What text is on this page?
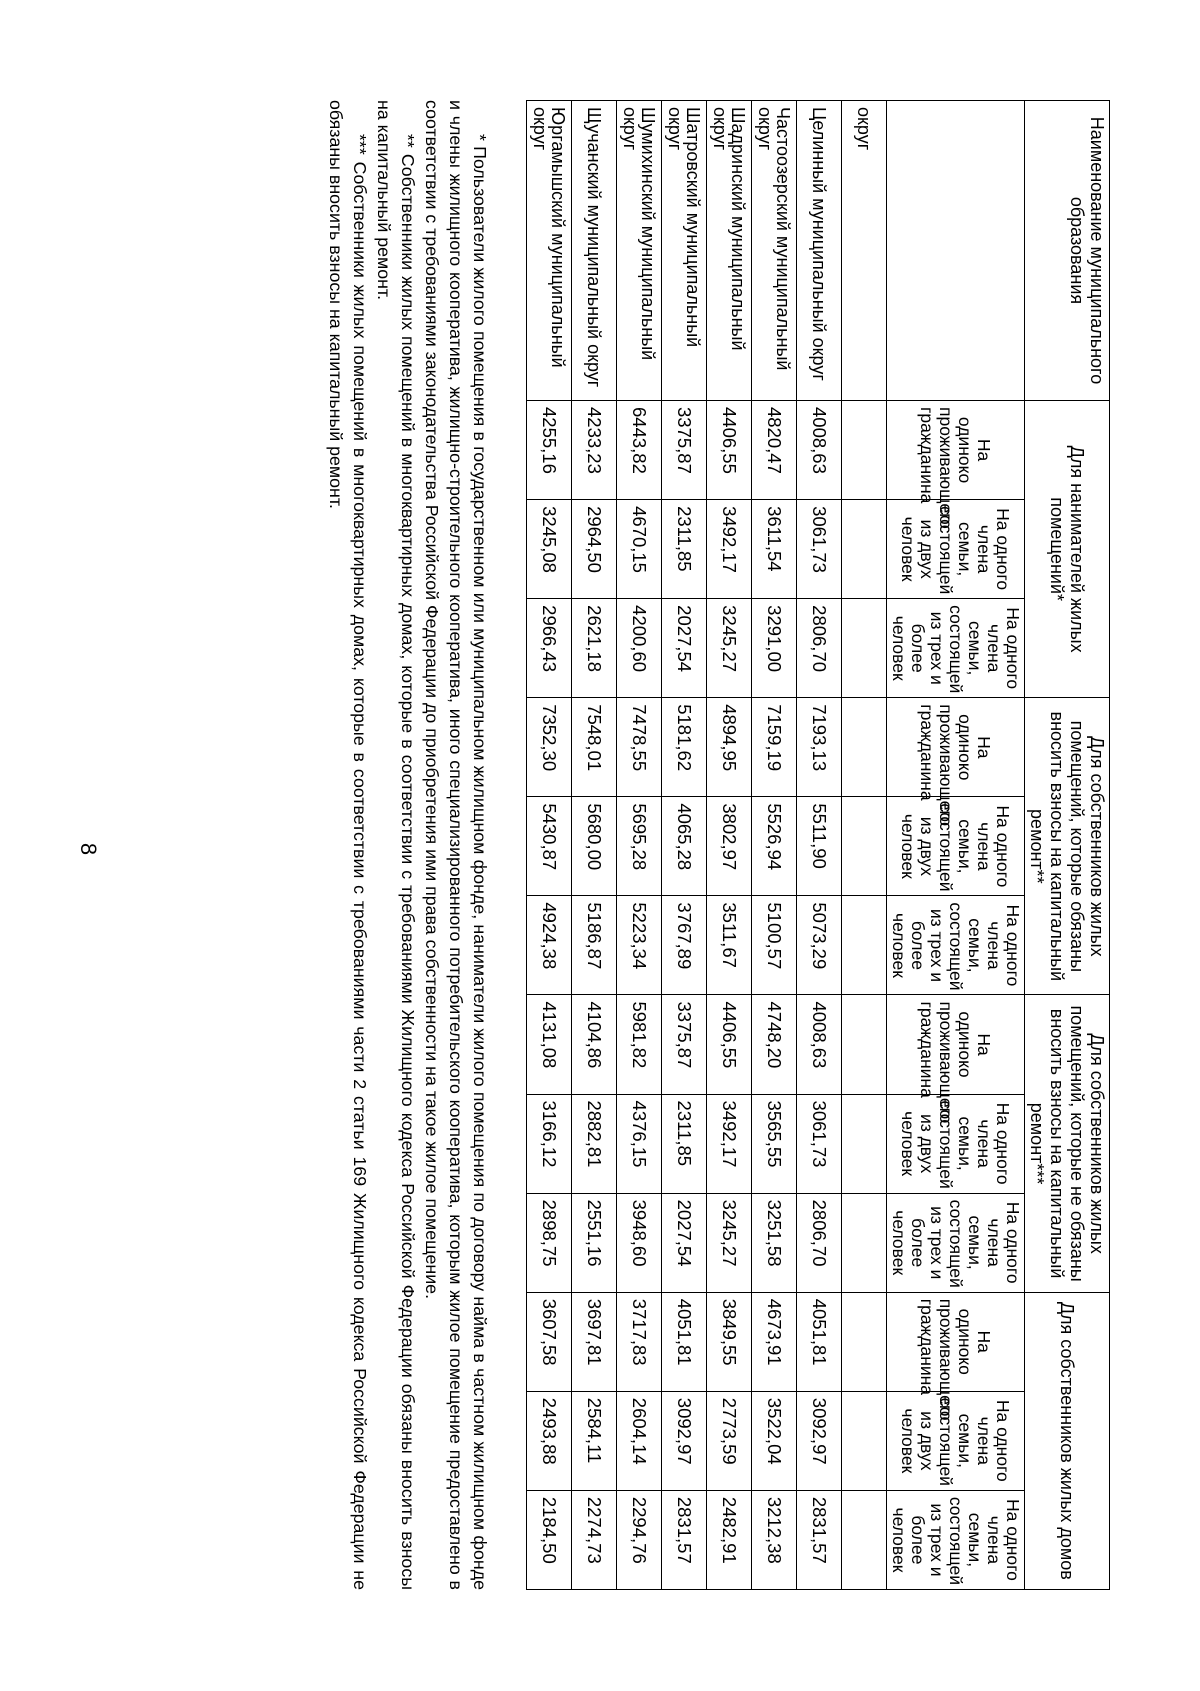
8
Наименование муниципального образования	Для нанимателей жилых помещений*			Для собственников жилых помещений, которые обязаны вносить взносы на капитальный ремонт**			Для собственников жилых помещений, которые не обязаны вносить взносы на капитальный ремонт***			Для собственников жилых домов		
	На одиноко проживающего гражданина	На одного члена семьи, состоящей из двух человек	На одного члена семьи, состоящей из трех и более человек	На одиноко проживающего гражданина	На одного члена семьи, состоящей из двух человек	На одного члена семьи, состоящей из трех и более человек	На одиноко проживающего гражданина	На одного члена семьи, состоящей из двух человек	На одного члена семьи, состоящей из трех и более человек	На одиноко проживающего гражданина	На одного члена семьи, состоящей из двух человек	На одного члена семьи, состоящей из трех и более человек
округ												
Целинный муниципальный округ	4008,63	3061,73	2806,70	7193,13	5511,90	5073,29	4008,63	3061,73	2806,70	4051,81	3092,97	2831,57
Частоозерский муниципальный округ	4820,47	3611,54	3291,00	7159,19	5526,94	5100,57	4748,20	3565,55	3251,58	4673,91	3522,04	3212,38
Шадринский муниципальный округ	4406,55	3492,17	3245,27	4894,95	3802,97	3511,67	4406,55	3492,17	3245,27	3849,55	2773,59	2482,91
Шатровский муниципальный округ	3375,87	2311,85	2027,54	5181,62	4065,28	3767,89	3375,87	2311,85	2027,54	4051,81	3092,97	2831,57
Шумихинский муниципальный округ	6443,82	4670,15	4200,60	7478,55	5695,28	5223,34	5981,82	4376,15	3948,60	3717,83	2604,14	2294,76
Щучанский муниципальный округ	4233,23	2964,50	2621,18	7548,01	5680,00	5186,87	4104,86	2882,81	2551,16	3697,81	2584,11	2274,73
Юргамышский муниципальный округ	4255,16	3245,08	2966,43	7352,30	5430,87	4924,38	4131,08	3166,12	2898,75	3607,58	2493,88	2184,50

* Пользователи жилого помещения в государственном или муниципальном жилищном фонде, наниматели жилого помещения по договору найма в частном жилищном фонде и члены жилищного кооператива, жилищно-строительного кооператива, иного специализированного потребительского кооператива, которым жилое помещение предоставлено в соответствии с требованиями законодательства Российской Федерации до приобретения ими права собственности на такое жилое помещение.

** Собственники жилых помещений в многоквартирных домах, которые в соответствии с требованиями Жилищного кодекса Российской Федерации обязаны вносить взносы на капитальный ремонт.

*** Собственники жилых помещений в многоквартирных домах, которые в соответствии с требованиями части 2 статьи 169 Жилищного кодекса Российской Федерации не обязаны вносить взносы на капитальный ремонт.
